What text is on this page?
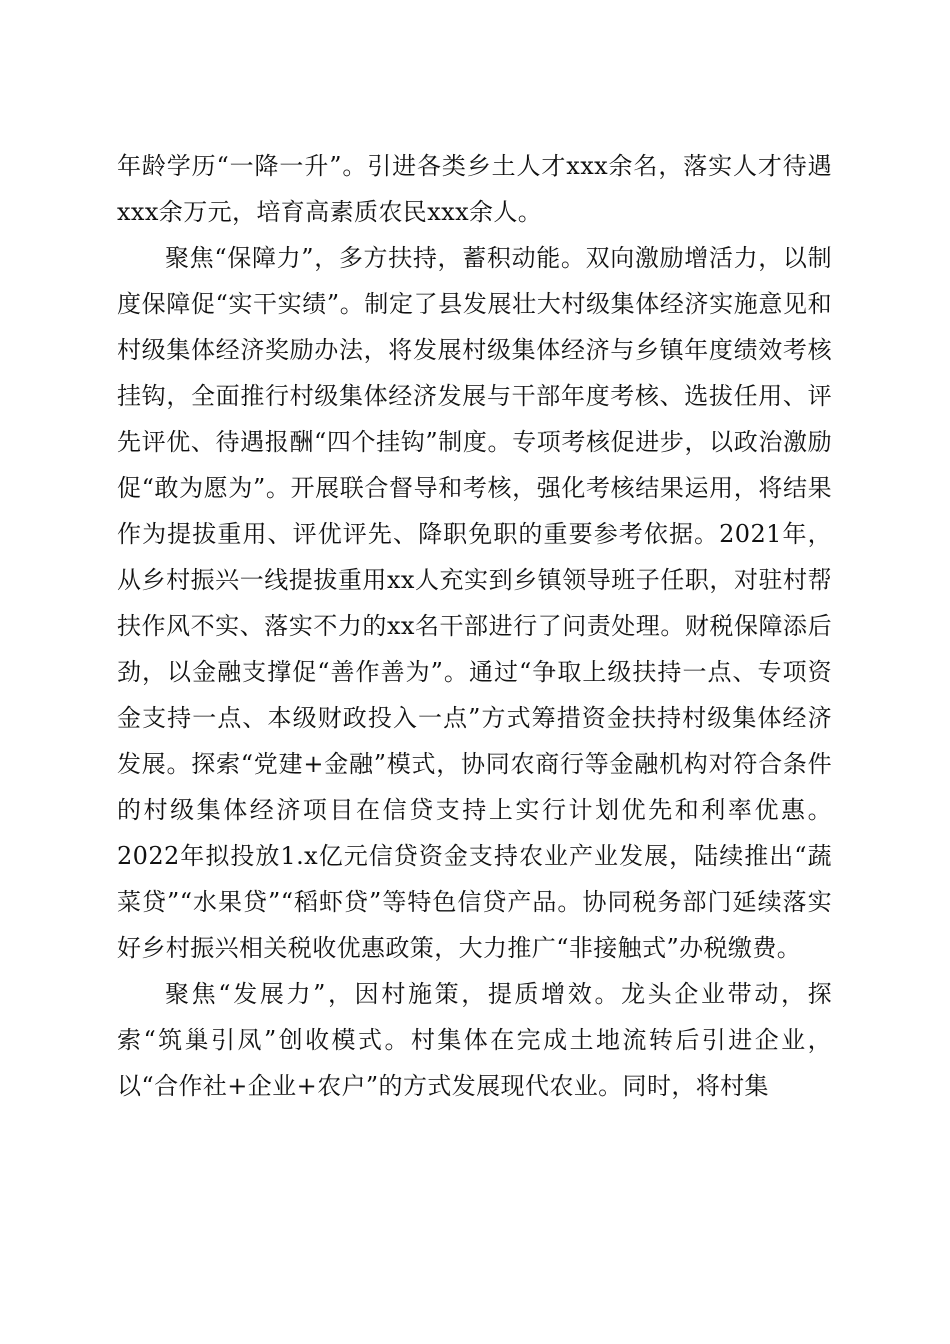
年龄学历“一降一升”。引进各类乡土人才xxx余名，落实人才待遇xxx余万元，培育高素质农民xxx余人。

聚焦“保障力”，多方扶持，蓄积动能。双向激励增活力，以制度保障促“实干实绩”。制定了县发展壮大村级集体经济实施意见和村级集体经济奖励办法，将发展村级集体经济与乡镇年度绩效考核挂钩，全面推行村级集体经济发展与干部年度考核、选拔任用、评先评优、待遇报酬“四个挂钩”制度。专项考核促进步，以政治激励促“敢为愿为”。开展联合督导和考核，强化考核结果运用，将结果作为提拔重用、评优评先、降职免职的重要参考依据。2021年，从乡村振兴一线提拔重用xx人充实到乡镇领导班子任职，对驻村帮扶作风不实、落实不力的xx名干部进行了问责处理。财税保障添后劲，以金融支撑促“善作善为”。通过“争取上级扶持一点、专项资金支持一点、本级财政投入一点”方式筹措资金扶持村级集体经济发展。探索“党建+金融”模式，协同农商行等金融机构对符合条件的村级集体经济项目在信贷支持上实行计划优先和利率优惠。2022年拟投放1.x亿元信贷资金支持农业产业发展，陆续推出“蔬菜贷”“水果贷”“稻虾贷”等特色信贷产品。协同税务部门延续落实好乡村振兴相关税收优惠政策，大力推广“非接触式”办税缴费。

聚焦“发展力”，因村施策，提质增效。龙头企业带动，探索“筑巢引凤”创收模式。村集体在完成土地流转后引进企业，以“合作社+企业+农户”的方式发展现代农业。同时，将村集
